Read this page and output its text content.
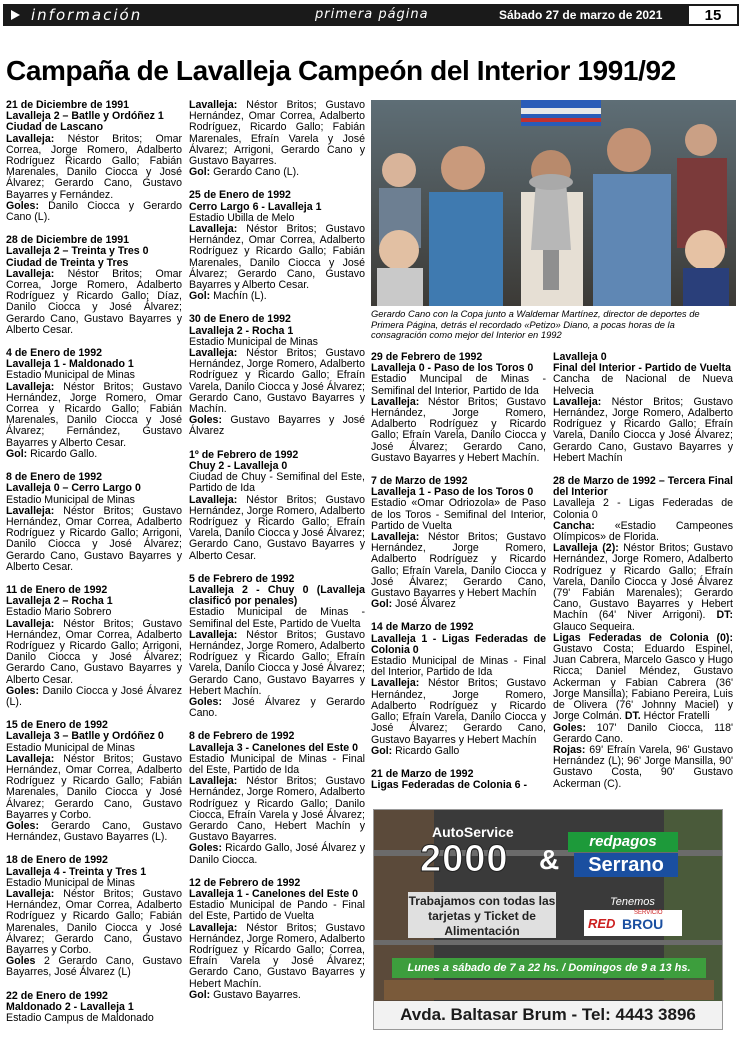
información	primera página	Sábado 27 de marzo de 2021	15
Campaña de Lavalleja Campeón del Interior 1991/92
21 de Diciembre de 1991
Lavalleja 2 – Batlle y Ordóñez 1
Ciudad de Lascano

Lavalleja: Néstor Britos; Omar Correa, Jorge Romero, Adalberto Rodríguez Ricardo Gallo; Fabián Marenales, Danilo Ciocca y José Álvarez; Gerardo Cano, Gustavo Bayarres y Fernández.

Goles: Danilo Ciocca y Gerardo Cano (L).

28 de Diciembre de 1991
Lavalleja 2 – Treinta y Tres 0
Ciudad de Treinta y Tres

Lavalleja: Néstor Britos; Omar Correa, Jorge Romero, Adalberto Rodríguez y Ricardo Gallo; Díaz, Danilo Ciocca y José Álvarez; Gerardo Cano, Gustavo Bayarres y Alberto Cesar.

4 de Enero de 1992
Lavalleja 1 - Maldonado 1
Estadio Municipal de Minas

Lavalleja: Néstor Britos; Gustavo Hernández, Jorge Romero, Omar Correa y Ricardo Gallo; Fabián Marenales, Danilo Ciocca y José Álvarez; Fernández, Gustavo Bayarres y Alberto Cesar.

Gol: Ricardo Gallo.

8 de Enero de 1992
Lavalleja 0 – Cerro Largo 0
Estadio Municipal de Minas

Lavalleja: Néstor Britos; Gustavo Hernández, Omar Correa, Adalberto Rodríguez y Ricardo Gallo; Arrigoni, Danilo Ciocca y José Álvarez; Gerardo Cano, Gustavo Bayarres y Alberto Cesar.

11 de Enero de 1992
Lavalleja 2 – Rocha 1
Estadio Mario Sobrero

Lavalleja: Néstor Britos; Gustavo Hernández, Omar Correa, Adalberto Rodríguez y Ricardo Gallo; Arrigoni, Danilo Ciocca y José Álvarez; Gerardo Cano, Gustavo Bayarres y Alberto Cesar.

Goles: Danilo Ciocca y José Álvarez (L).

15 de Enero de 1992
Lavalleja 3 – Batlle y Ordóñez 0
Estadio Municipal de Minas

Lavalleja: Néstor Britos; Gustavo Hernández, Omar Correa, Adalberto Rodríguez y Ricardo Gallo; Fabián Marenales, Danilo Ciocca y José Álvarez; Gerardo Cano, Gustavo Bayarres y Corbo.

Goles: Gerardo Cano, Gustavo Hernández, Gustavo Bayarres (L).

18 de Enero de 1992
Lavalleja 4 - Treinta y Tres 1
Estadio Municipal de Minas

Lavalleja: Néstor Britos; Gustavo Hernández, Omar Correa, Adalberto Rodríguez y Ricardo Gallo; Fabián Marenales, Danilo Ciocca y José Álvarez; Gerardo Cano, Gustavo Bayarres y Corbo.

Goles 2 Gerardo Cano, Gustavo Bayarres, José Álvarez (L)

22 de Enero de 1992
Maldonado 2 - Lavalleja 1
Estadio Campus de Maldonado

Lavalleja: Néstor Britos; Gustavo Hernández, Omar Correa, Adalberto Rodríguez, Ricardo Gallo; Fabián Marenales, Efraín Varela y José Álvarez; Arrigoni, Gerardo Cano y Gustavo Bayarres.

Gol: Gerardo Cano (L).

25 de Enero de 1992
Cerro Largo 6 - Lavalleja 1
Estadio Ubilla de Melo

Lavalleja: Néstor Britos; Gustavo Hernández, Omar Correa, Adalberto Rodríguez y Ricardo Gallo; Fabián Marenales, Danilo Ciocca y José Álvarez; Gerardo Cano, Gustavo Bayarres y Alberto Cesar.

Gol: Machín (L).

30 de Enero de 1992
Lavalleja 2 - Rocha 1
Estadio Municipal de Minas

Lavalleja: Néstor Britos; Gustavo Hernández, Jorge Romero, Adalberto Rodríguez y Ricardo Gallo; Efraín Varela, Danilo Ciocca y José Álvarez; Gerardo Cano, Gustavo Bayarres y Machín.

Goles: Gustavo Bayarres y José Álvarez

1º de Febrero de 1992
Chuy 2 - Lavalleja 0
Ciudad de Chuy - Semifinal del Este, Partido de Ida

Lavalleja: Néstor Britos; Gustavo Hernández, Jorge Romero, Adalberto Rodríguez y Ricardo Gallo; Efraín Varela, Danilo Ciocca y José Álvarez; Gerardo Cano, Gustavo Bayarres y Alberto Cesar.

5 de Febrero de 1992
Lavalleja 2 - Chuy 0 (Lavalleja clasificó por penales)
Estadio Municipal de Minas - Semifinal del Este, Partido de Vuelta

Lavalleja: Néstor Britos; Gustavo Hernández, Jorge Romero, Adalberto Rodríguez y Ricardo Gallo; Efraín Varela, Danilo Ciocca y José Álvarez; Gerardo Cano, Gustavo Bayarres y Hebert Machín.

Goles: José Álvarez y Gerardo Cano.

8 de Febrero de 1992
Lavalleja 3 - Canelones del Este 0
Estadio Municipal de Minas - Final del Este, Partido de Ida

Lavalleja: Néstor Britos; Gustavo Hernández, Jorge Romero, Adalberto Rodríguez y Ricardo Gallo; Danilo Ciocca, Efraín Varela y José Álvarez; Gerardo Cano, Hebert Machín y Gustavo Bayarres.

Goles: Ricardo Gallo, José Álvarez y Danilo Ciocca.

12 de Febrero de 1992
Lavalleja 1 - Canelones del Este 0
Estadio Municipal de Pando - Final del Este, Partido de Vuelta

Lavalleja: Néstor Britos; Gustavo Hernández, Jorge Romero, Adalberto Rodríguez y Ricardo Gallo; Correa, Efraín Varela y José Álvarez; Gerardo Cano, Gustavo Bayarres y Hebert Machín.

Gol: Gustavo Bayarres.

29 de Febrero de 1992
Lavalleja 0 - Paso de los Toros 0
Estadio Muncipal de Minas - Semifinal del Interior, Partido de Ida

Lavalleja: Néstor Britos; Gustavo Hernández, Jorge Romero, Adalberto Rodríguez y Ricardo Gallo; Efraín Varela, Danilo Ciocca y José Álvarez; Gerardo Cano, Gustavo Bayarres y Hebert Machín.

7 de Marzo de 1992
Lavalleja 1 - Paso de los Toros 0
Estadio «Omar Odriozola» de Paso de los Toros - Semifinal del Interior, Partido de Vuelta

Lavalleja: Néstor Britos; Gustavo Hernández, Jorge Romero, Adalberto Rodríguez y Ricardo Gallo; Efraín Varela, Danilo Ciocca y José Álvarez; Gerardo Cano, Gustavo Bayarres y Hebert Machín

Gol: José Álvarez

14 de Marzo de 1992
Lavalleja 1 - Ligas Federadas de Colonia 0
Estadio Municipal de Minas - Final del Interior, Partido de Ida

Lavalleja: Néstor Britos; Gustavo Hernández, Jorge Romero, Adalberto Rodríguez y Ricardo Gallo; Efraín Varela, Danilo Ciocca y José Álvarez; Gerardo Cano, Gustavo Bayarres y Hebert Machín

Gol: Ricardo Gallo

21 de Marzo de 1992
Ligas Federadas de Colonia 6 -
Lavalleja 0
Final del Interior - Partido de Vuelta
Cancha de Nacional de Nueva Helvecia

Lavalleja: Néstor Britos; Gustavo Hernández, Jorge Romero, Adalberto Rodríguez y Ricardo Gallo; Efraín Varela, Danilo Ciocca y José Álvarez; Gerardo Cano, Gustavo Bayarres y Hebert Machín

28 de Marzo de 1992 – Tercera Final del Interior
Lavalleja 2 - Ligas Federadas de Colonia 0

Cancha: «Estadio Campeones Olímpicos» de Florida.

Lavalleja (2): Néstor Britos; Gustavo Hernández, Jorge Romero, Adalberto Rodríguez y Ricardo Gallo; Efraín Varela, Danilo Ciocca y José Álvarez (79' Fabián Marenales); Gerardo Cano, Gustavo Bayarres y Hebert Machín (64' Niver Arrigoni). DT: Glauco Sequeira.

Ligas Federadas de Colonia (0): Gustavo Costa; Eduardo Espinel, Juan Cabrera, Marcelo Gasco y Hugo Ricca; Daniel Méndez, Gustavo Ackerman y Fabian Cabrera (36' Jorge Mansilla); Fabiano Pereira, Luis de Olivera (76' Johnny Maciel) y Jorge Colmán. DT. Héctor Fratelli

Goles: 107' Danilo Ciocca, 118' Gerardo Cano.

Rojas: 69' Efraín Varela, 96' Gustavo Hernández (L); 96' Jorge Mansilla, 90' Gustavo Costa, 90' Gustavo Ackerman (C).

Gerardo Cano con la Copa junto a Waldemar Martínez, director de deportes de Primera Página, detrás el recordado «Petizo» Diano, a pocas horas de la consagración como mejor del Interior en 1992
AutoService
2000 &
redpagos
Serrano
Trabajamos con todas las tarjetas y Ticket de Alimentación
Tenemos
SERVICIO
RED BROU
Lunes a sábado de 7 a 22 hs. / Domingos de 9 a 13 hs.
Avda. Baltasar Brum - Tel: 4443 3896
